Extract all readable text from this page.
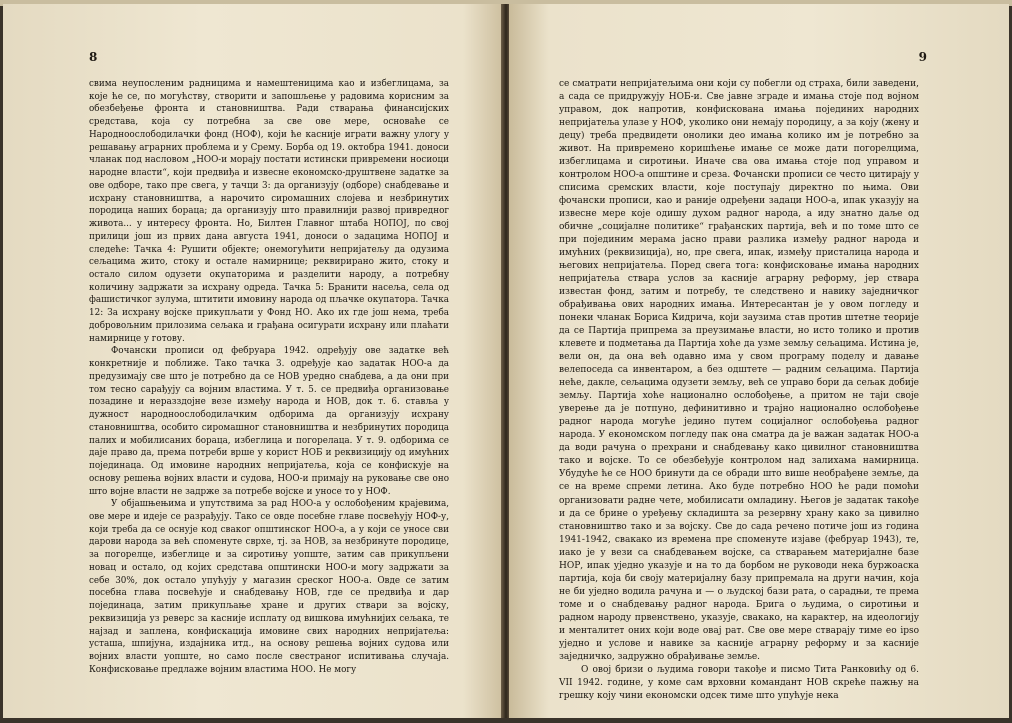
8

свима неупосленим радницима и намештеницима као и избеглицама, за које ће се, по могућству, створити и запошљење у радовима корисним за обезбеђење фронта и становништва. Ради стварања финансијских средстава, која су потребна за све ове мере, основаће се Народноослободилачки фонд (НОФ), који ће касније играти важну улогу у решавању аграрних проблема и у Срему. Борба од 19. октобра 1941. доноси чланак под насловом „НОО-и морају постати истински привремени носиоци народне власти“, који предвиђа и извесне економско-друштвене задатке за ове одборе, тако пре свега, у тачци 3: да организују (одборе) снабдевање и исхрану становништва, а нарочито сиромашних слојева и незбринутих породица наших бораца; да организују што правилнији развој привредног живота... у интересу фронта. Но, Билтен Главног штаба НОПОЈ, по свој прилици још из првих дана августа 1941, доноси о задацима НОПОЈ и следеће: Тачка 4: Рушити објекте; онемогућити непријатељу да одузима сељацима жито, стоку и остале намирнице; реквирирано жито, стоку и остало силом одузети окупаторима и разделити народу, а потребну количину задржати за исхрану одреда. Тачка 5: Бранити насеља, села од фашистичког зулума, штитити имовину народа од пљачке окупатора. Тачка 12: За исхрану војске прикупљати у Фонд НО. Ако их где још нема, треба добровољним прилозима сељака и грађана осигурати исхрану или плаћати намирнице у готову.

Фочански прописи од фебруара 1942. одређују ове задатке већ конкретније и поближе. Тако тачка 3. одређује као задатак НОО-а да предузимају све што је потребно да се НОВ уредно снабдева, а да они при том тесно сарађују са војним властима. У т. 5. се предвиђа организовање позадине и неразздојне везе између народа и НОВ, док т. 6. ставља у дужност народноослободилачким одборима да организују исхрану становништва, особито сиромашног становништва и незбринутих породица палих и мобилисаних бораца, избеглица и погорелаца. У т. 9. одборима се даје право да, према потреби врше у корист НОБ и реквизицију од имућних појединаца. Од имовине народних непријатеља, која се конфискује на основу решења војних власти и судова, НОО-и примају на руковање све оно што војне власти не задрже за потребе војске и уносе то у НОФ.

У објашњењима и упутствима за рад НОО-а у ослобођеним крајевима, ове мере и идеје се разрађују. Тако се овде посебне главе посвећују НОФ-у, који треба да се оснује код сваког општинског НОО-а, а у који се уносе сви дарови народа за већ споменуте сврхе, тј. за НОВ, за незбринуте породице, за погорелце, избеглице и за сиротињу уопште, затим сав прикупљени новац и остало, од којих средстава општински НОО-и могу задржати за себе 30%, док остало упућују у магазин среског НОО-а. Овде се затим посебна глава посвећује и снабдевању НОВ, где се предвиђа и дар појединаца, затим прикупљање хране и других ствари за војску, реквизиција уз реверс за касније исплату од вишкова имућнијих сељака, те најзад и заплена, конфискација имовине свих народних непријатеља: усташа, шпијуна, издајника итд., на основу решења војних судова или војних власти уопште, но само после свестраног испитивања случаја. Конфисковање предлаже војним властима НОО. Не могу

9

се сматрати непријатељима они који су побегли од страха, били заведени, а сада се придружују НОБ-и. Све јавне зграде и имања стоје под војном управом, док напротив, конфискована имања појединих народних непријатеља улазе у НОФ, уколико они немају породицу, а за коју (жену и децу) треба предвидети онолики део имања колико им је потребно за живот. На привремено коришћење имање се може дати погорелцима, избеглицама и сиротињи. Иначе сва ова имања стоје под управом и контролом НОО-а општине и среза. Фочански прописи се често цитирају у списима сремских власти, које поступају директно по њима. Ови фочански прописи, као и раније одређени задаци НОО-а, ипак указују на извесне мере које одишу духом радног народа, а иду знатно даље од обичне „социјалне политике“ грађанских партија, већ и по томе што се при појединим мерама јасно прави разлика између радног народа и имућних (реквизиција), но, пре свега, ипак, између присталица народа и његових непријатеља. Поред свега тога: конфисковање имања народних непријатеља ствара услов за касније аграрну реформу, јер ствара известан фонд, затим и потребу, те следствено и навику заједничког обрађивања ових народних имања. Интересантан је у овом погледу и понеки чланак Бориса Кидрича, који заузима став против штетне теорије да се Партија припрема за преузимање власти, но исто толико и против клевете и подметања да Партија хоће да узме земљу сељацима. Истина је, вели он, да она већ одавно има у свом програму поделу и давање велепоседа са инвентаром, а без одштете — радним сељацима. Партија неће, дакле, сељацима одузети земљу, већ се управо бори да сељак добије земљу. Партија хоће национално ослобођење, а притом не таји своје уверење да је потпуно, дефинитивно и трајно национално ослобођење радног народа могуће једино путем социјалног ослобођења радног народа. У економском погледу пак она сматра да је важан задатак НОО-а да води рачуна о прехрани и снабдевању како цивилног становништва тако и војске. То се обезбеђује контролом над залихама намирница. Убудуће ће се НОО бринути да се обради што више необрађене земље, да се на време спреми летина. Ако буде потребно НОО ће ради помоћи организовати радне чете, мобилисати омладину. Његов је задатак такође и да се брине о уређењу складишта за резервну храну како за цивилно становништво тако и за војску. Све до сада речено потиче још из година 1941-1942, свакако из времена пре споменуте изјаве (фебруар 1943), те, иако је у вези са снабдевањем војске, са стварањем материјалне базе НОР, ипак уједно указује и на то да борбом не руководи нека буржоаска партија, која би своју материјалну базу припремала на други начин, која не би уједно водила рачуна и — о људској бази рата, о сарадњи, те према томе и о снабдевању радног народа. Брига о људима, о сиротињи и радном народу првенствено, указује, свакако, на карактер, на идеологију и менталитет оних који воде овај рат. Све ове мере стварају тиме eo ipso уједно и услове и навике за касније аграрну реформу и за касније заједничко, задружно обрађивање земље.

О овој бризи о људима говори такође и писмо Тита Ранковићу од 6. VII 1942. године, у коме сам врховни командант НОВ скреће пажњу на грешку коју чини економски одсек тиме што упућује нека
